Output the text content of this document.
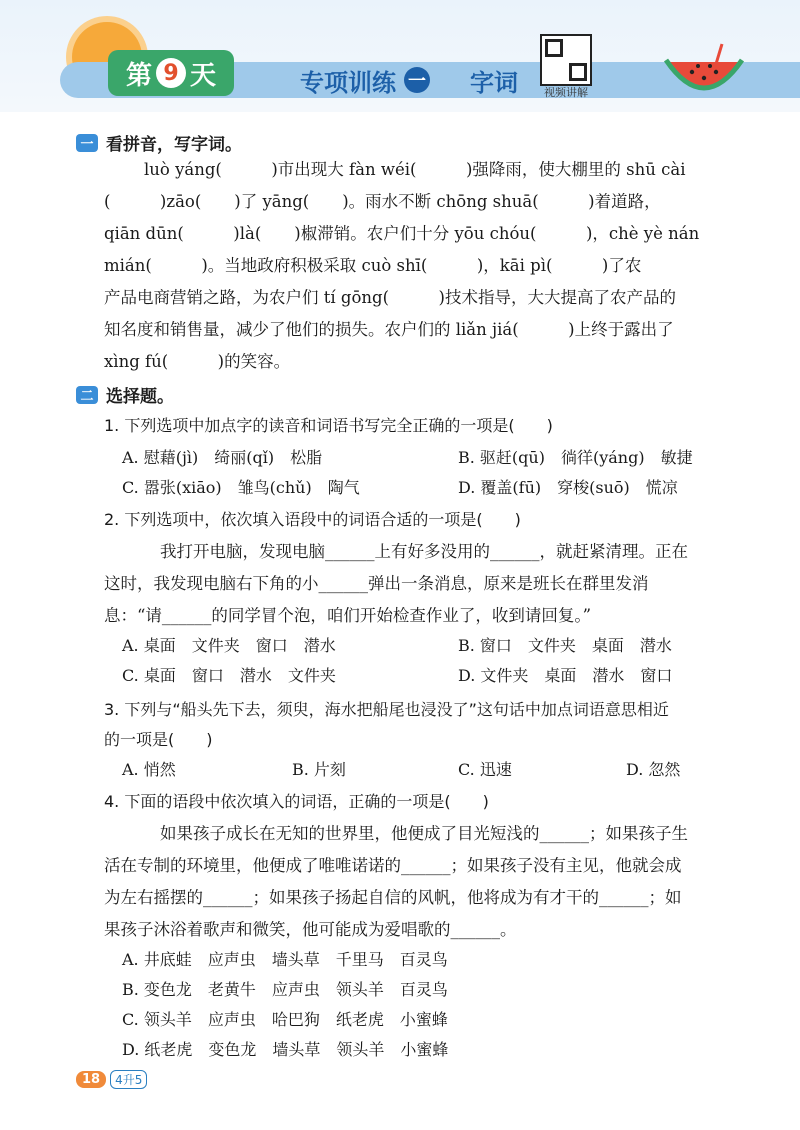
第 9 天	专项训练 一 字词	视频讲解
一 看拼音，写字词。
luò yáng(　　　)市出现大 fàn wéi(　　　)强降雨，使大棚里的 shū cài
(　　　)zāo(　　)了 yāng(　　)。雨水不断 chōng shuā(　　　)着道路，
qiān dūn(　　　)là(　　)椒滞销。农户们十分 yōu chóu(　　　)，chè yè nán
mián(　　　)。当地政府积极采取 cuò shī(　　　)，kāi pì(　　　)了农
产品电商营销之路，为农户们 tí gōng(　　　)技术指导，大大提高了农产品的
知名度和销售量，减少了他们的损失。农户们的 liǎn jiá(　　　)上终于露出了
xìng fú(　　　)的笑容。
二 选择题。
1. 下列选项中加点字的读音和词语书写完全正确的一项是(　　)
A. 慰藉(jì)　绮丽(qǐ)　松脂	B. 驱赶(qū)　徜徉(yáng)　敏捷
C. 嚣张(xiāo)　雏鸟(chǔ)　陶气	D. 覆盖(fū)　穿梭(suō)　慌凉
2. 下列选项中，依次填入语段中的词语合适的一项是(　　)
我打开电脑，发现电脑______上有好多没用的______，就赶紧清理。正在
这时，我发现电脑右下角的小______弹出一条消息，原来是班长在群里发消
息：“请______的同学冒个泡，咱们开始检查作业了，收到请回复。”
A. 桌面　文件夹　窗口　潜水	B. 窗口　文件夹　桌面　潜水
C. 桌面　窗口　潜水　文件夹	D. 文件夹　桌面　潜水　窗口
3. 下列与“船头先下去，须臾，海水把船尾也浸没了”这句话中加点词语意思相近
的一项是(　　)
A. 悄然	B. 片刻	C. 迅速	D. 忽然
4. 下面的语段中依次填入的词语，正确的一项是(　　)
如果孩子成长在无知的世界里，他便成了目光短浅的______；如果孩子生
活在专制的环境里，他便成了唯唯诺诺的______；如果孩子没有主见，他就会成
为左右摇摆的______；如果孩子扬起自信的风帆，他将成为有才干的______；如
果孩子沐浴着歌声和微笑，他可能成为爱唱歌的______。
A. 井底蛙　应声虫　墙头草　千里马　百灵鸟
B. 变色龙　老黄牛　应声虫　领头羊　百灵鸟
C. 领头羊　应声虫　哈巴狗　纸老虎　小蜜蜂
D. 纸老虎　变色龙　墙头草　领头羊　小蜜蜂
18	4升5
